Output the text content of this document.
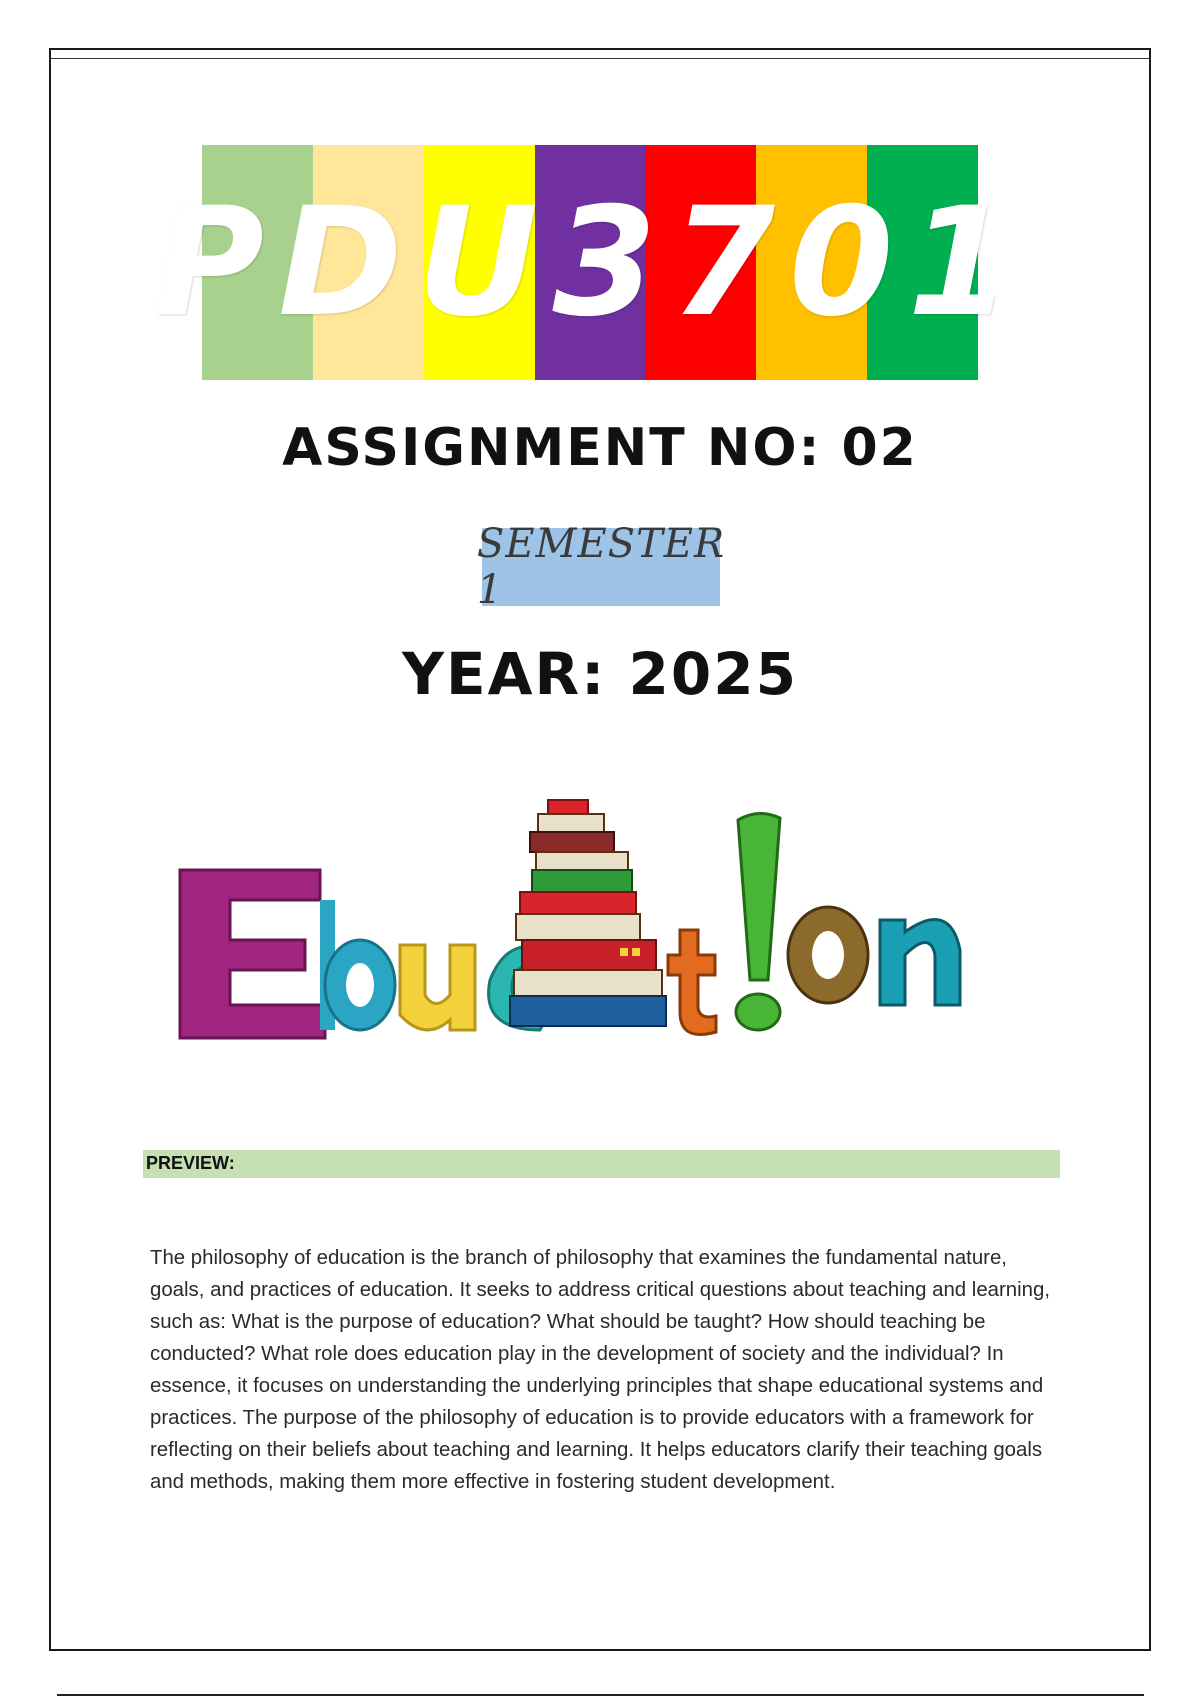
PDU3701
ASSIGNMENT NO: 02
SEMESTER 1
YEAR: 2025
PREVIEW:

The philosophy of education is the branch of philosophy that examines the fundamental nature, goals, and practices of education. It seeks to address critical questions about teaching and learning, such as: What is the purpose of education? What should be taught? How should teaching be conducted? What role does education play in the development of society and the individual? In essence, it focuses on understanding the underlying principles that shape educational systems and practices. The purpose of the philosophy of education is to provide educators with a framework for reflecting on their beliefs about teaching and learning. It helps educators clarify their teaching goals and methods, making them more effective in fostering student development.
